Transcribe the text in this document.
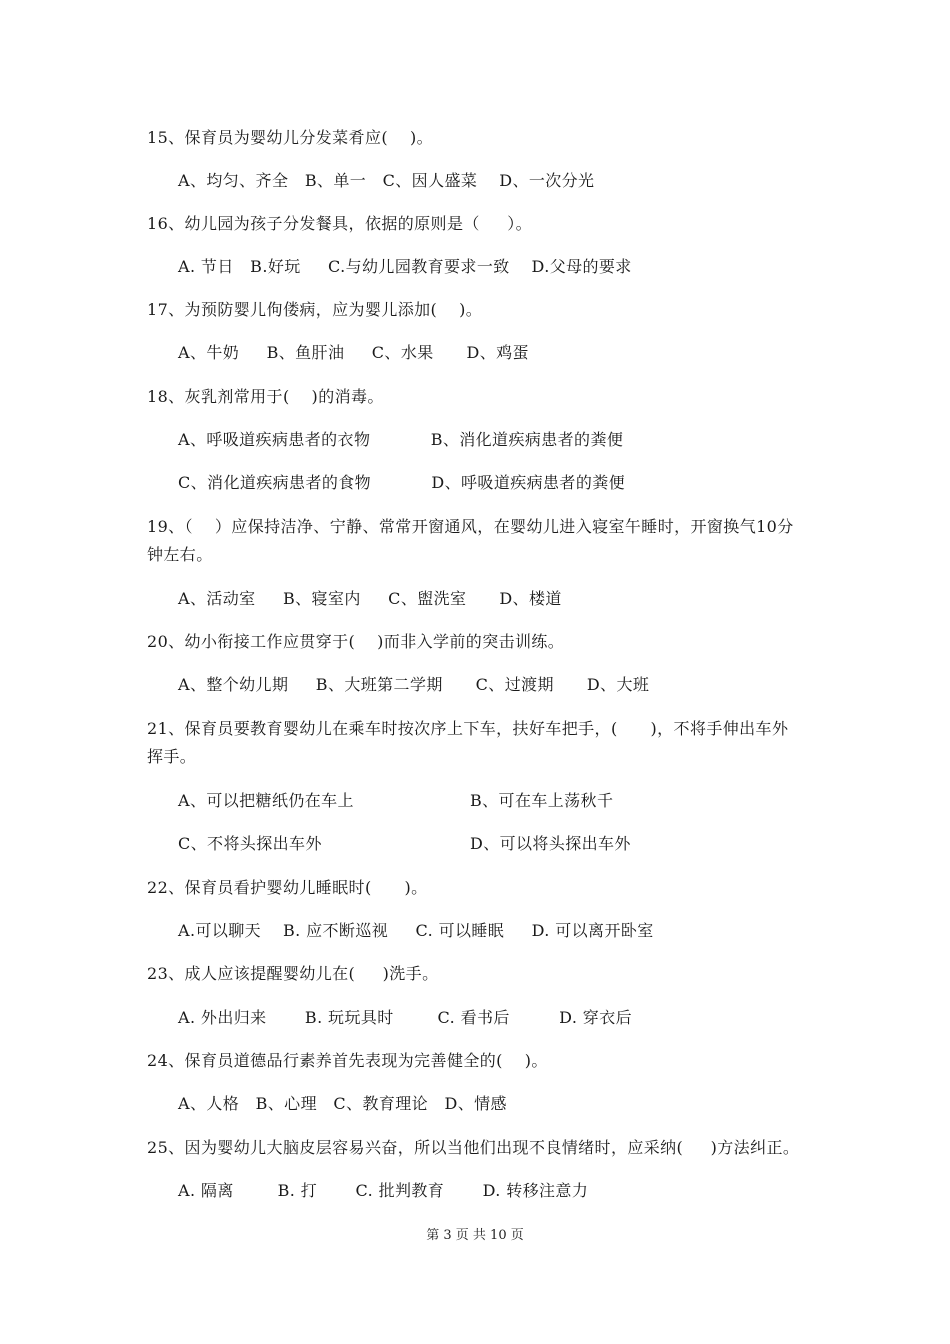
15、保育员为婴幼儿分发菜肴应(    )。
A、均匀、齐全   B、单一   C、因人盛菜    D、一次分光
16、幼儿园为孩子分发餐具，依据的原则是（     ）。
A. 节日   B.好玩     C.与幼儿园教育要求一致    D.父母的要求
17、为预防婴儿佝偻病，应为婴儿添加(    )。
A、牛奶     B、鱼肝油     C、水果      D、鸡蛋
18、灰乳剂常用于(    )的消毒。
A、呼吸道疾病患者的衣物           B、消化道疾病患者的粪便
C、消化道疾病患者的食物           D、呼吸道疾病患者的粪便
19、（    ）应保持洁净、宁静、常常开窗通风，在婴幼儿进入寝室午睡时，开窗换气10分
钟左右。
A、活动室     B、寝室内     C、盥洗室      D、楼道
20、幼小衔接工作应贯穿于(    )而非入学前的突击训练。
A、整个幼儿期     B、大班第二学期      C、过渡期      D、大班
21、保育员要教育婴幼儿在乘车时按次序上下车，扶好车把手，(      )，不将手伸出车外
挥手。
A、可以把糖纸仍在车上	B、可在车上荡秋千
C、不将头探出车外	D、可以将头探出车外
22、保育员看护婴幼儿睡眠时(      )。
A.可以聊天    B. 应不断巡视     C. 可以睡眠     D. 可以离开卧室
23、成人应该提醒婴幼儿在(     )洗手。
A. 外出归来       B. 玩玩具时        C. 看书后         D. 穿衣后
24、保育员道德品行素养首先表现为完善健全的(    )。
A、人格   B、心理   C、教育理论   D、情感
25、因为婴幼儿大脑皮层容易兴奋，所以当他们出现不良情绪时，应采纳(     )方法纠正。
A. 隔离        B. 打       C. 批判教育       D. 转移注意力
第 3 页 共 10 页
